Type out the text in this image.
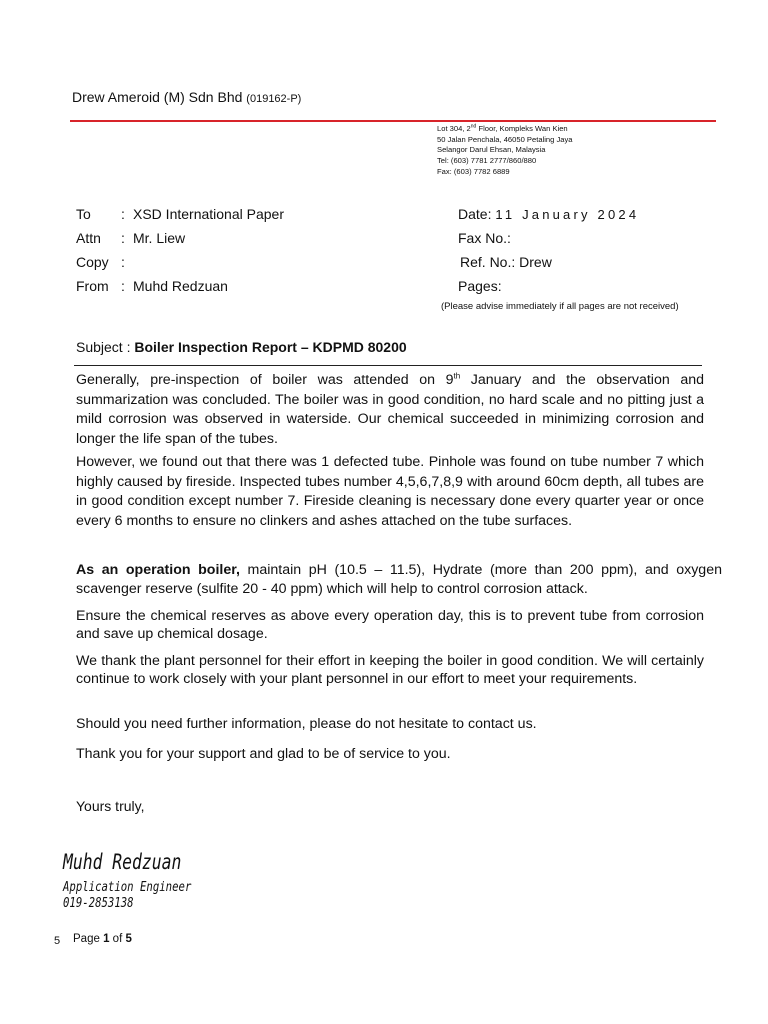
Drew Ameroid (M) Sdn Bhd (019162-P)
Lot 304, 2nd Floor, Kompleks Wan Kien
50 Jalan Penchala, 46050 Petaling Jaya
Selangor Darul Ehsan, Malaysia
Tel: (603) 7781 2777/860/880
Fax: (603) 7782 6889
To : XSD International Paper
Attn : Mr. Liew
Copy :
From : Muhd Redzuan
Date: 11 January 2024
Fax No.:
Ref. No.: Drew
Pages:
(Please advise immediately if all pages are not received)
Subject : Boiler Inspection Report – KDPMD 80200

Generally, pre-inspection of boiler was attended on 9th January and the observation and summarization was concluded. The boiler was in good condition, no hard scale and no pitting just a mild corrosion was observed in waterside. Our chemical succeeded in minimizing corrosion and longer the life span of the tubes.

However, we found out that there was 1 defected tube. Pinhole was found on tube number 7 which highly caused by fireside. Inspected tubes number 4,5,6,7,8,9 with around 60cm depth, all tubes are in good condition except number 7. Fireside cleaning is necessary done every quarter year or once every 6 months to ensure no clinkers and ashes attached on the tube surfaces.

As an operation boiler, maintain pH (10.5 – 11.5), Hydrate (more than 200 ppm), and oxygen scavenger reserve (sulfite 20 - 40 ppm) which will help to control corrosion attack.

Ensure the chemical reserves as above every operation day, this is to prevent tube from corrosion and save up chemical dosage.

We thank the plant personnel for their effort in keeping the boiler in good condition. We will certainly continue to work closely with your plant personnel in our effort to meet your requirements.

Should you need further information, please do not hesitate to contact us.

Thank you for your support and glad to be of service to you.

Yours truly,
Muhd Redzuan
Application Engineer
019-2853138
5 Page 1 of 5
